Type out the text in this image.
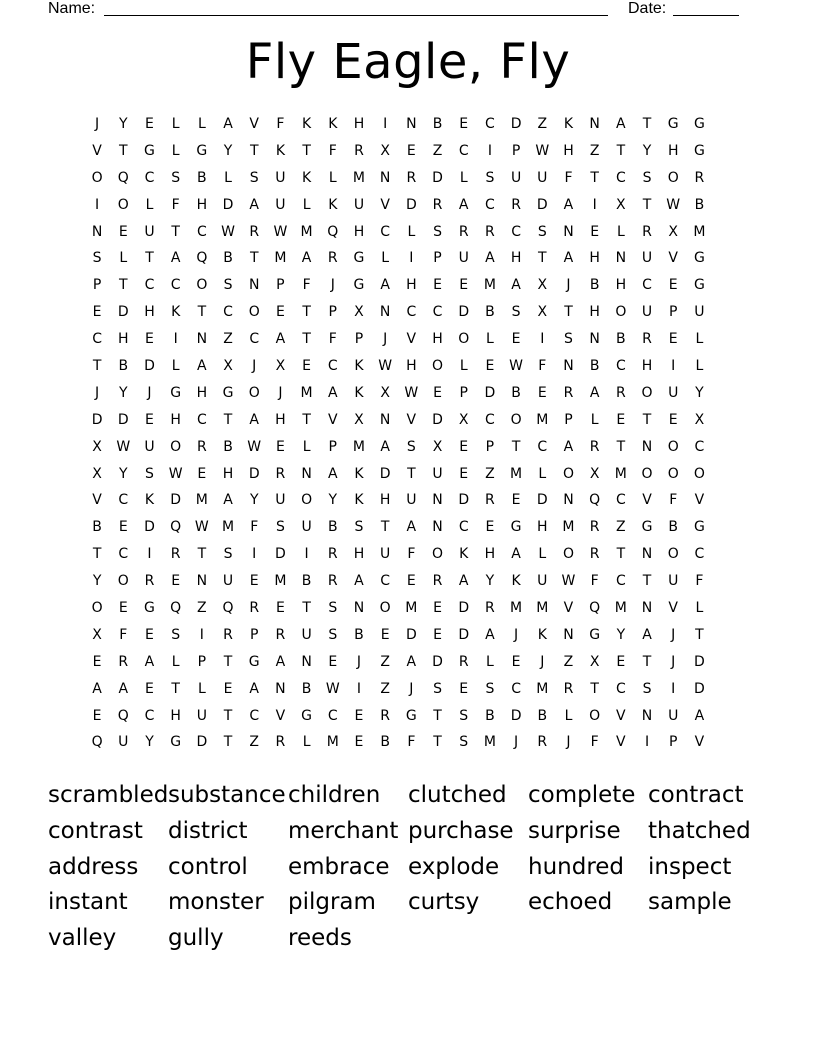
Name:	Date:
Fly Eagle, Fly
J	Y	E	L	L	A	V	F	K	K	H	I	N	B	E	C	D	Z	K	N	A	T	G	G
V	T	G	L	G	Y	T	K	T	F	R	X	E	Z	C	I	P	W	H	Z	T	Y	H	G
O	Q	C	S	B	L	S	U	K	L	M	N	R	D	L	S	U	U	F	T	C	S	O	R
I	O	L	F	H	D	A	U	L	K	U	V	D	R	A	C	R	D	A	I	X	T	W	B
N	E	U	T	C	W	R	W M	Q	H	C	L	S	R	R	C	S	N	E	L	R	X	M
S	L	T	A	Q	B	T	M	A	R	G	L	I	P	U	A	H	T	A	H	N	U	V	G
P	T	C	C	O	S	N	P	F	J	G	A	H	E	E	M	A	X	J	B	H	C	E	G
E	D	H	K	T	C	O	E	T	P	X	N	C	C	D	B	S	X	T	H	O	U	P	U
C	H	E	I	N	Z	C	A	T	F	P	J	V	H	O	L	E	I	S	N	B	R	E	L
T	B	D	L	A	X	J	X	E	C	K	W	H	O	L	E	W	F	N	B	C	H	I	L
J	Y	J	G	H	G	O	J	M	A	K	X	W	E	P	D	B	E	R	A	R	O	U	Y
D	D	E	H	C	T	A	H	T	V	X	N	V	D	X	C	O	M	P	L	E	T	E	X
X	W	U	O	R	B	W	E	L	P	M	A	S	X	E	P	T	C	A	R	T	N	O	C
X	Y	S	W	E	H	D	R	N	A	K	D	T	U	E	Z	M	L	O	X	M	O	O	O
V	C	K	D	M	A	Y	U	O	Y	K	H	U	N	D	R	E	D	N	Q	C	V	F	V
B	E	D	Q W M	F	S	U	B	S	T	A	N	C	E	G	H	M	R	Z	G	B	G
T	C	I	R	T	S	I	D	I	R	H	U	F	O	K	H	A	L	O	R	T	N	O	C
Y	O	R	E	N	U	E	M	B	R	A	C	E	R	A	Y	K	U	W	F	C	T	U	F
O	E	G	Q	Z	Q	R	E	T	S	N	O	M	E	D	R	M	M	V	Q	M	N	V	L
X	F	E	S	I	R	P	R	U	S	B	E	D	E	D	A	J	K	N	G	Y	A	J	T
E	R	A	L	P	T	G	A	N	E	J	Z	A	D	R	L	E	J	Z	X	E	T	J	D
A	A	E	T	L	E	A	N	B	W	I	Z	J	S	E	S	C	M	R	T	C	S	I	D
E	Q	C	H	U	T	C	V	G	C	E	R	G	T	S	B	D	B	L	O	V	N	U	A
Q	U	Y	G	D	T	Z	R	L	M	E	B	F	T	S	M	J	R	J	F	V	I	P	V
scrambled substance children	clutched complete contract
contrast	district	merchant purchase surprise	thatched
address	control	embrace explode	hundred	inspect
instant	monster	pilgram	curtsy	echoed	sample
valley	gully	reeds
